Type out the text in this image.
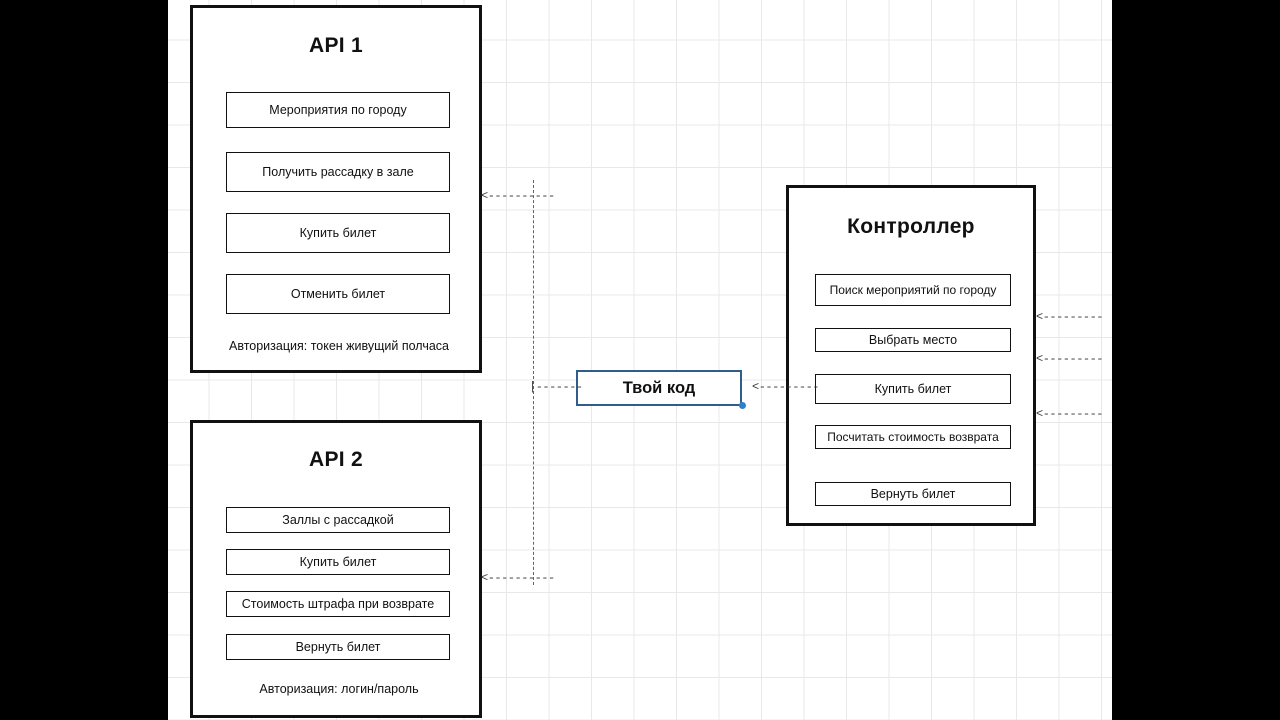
API 1
Мероприятия по городу
Получить рассадку в зале
Купить билет
Отменить билет
Авторизация: токен живущий полчаса
API 2
Заллы с рассадкой
Купить билет
Стоимость штрафа при возврате
Вернуть билет
Авторизация: логин/пароль
Контроллер
Поиск мероприятий по городу
Выбрать место
Купить билет
Посчитать стоимость возврата
Вернуть билет
Твой код
<----------
<----------
|-------	<---------
<---------
<---------
<---------
